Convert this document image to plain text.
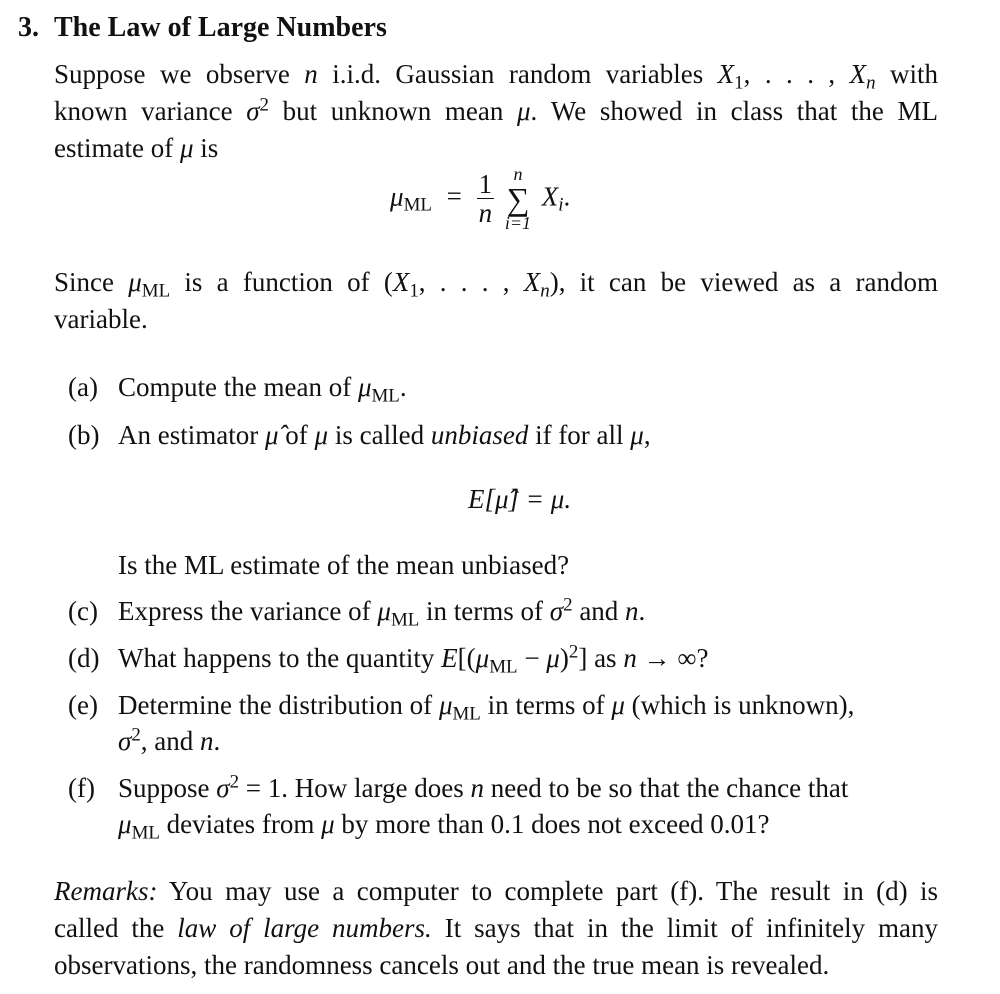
3. The Law of Large Numbers
Suppose we observe n i.i.d. Gaussian random variables $X_1$, . . . , $X_n$ with
known variance $\sigma^2$ but unknown mean μ. We showed in class that the ML
estimate of μ is
$\mu ML = \frac{1}{n}$
	n
∑
i=1
$X_i$.
Since μML is a function of ($X_1$, . . . , $X_n$), it can be viewed as a random
variable.
(a) Compute the mean of μML.
(b) An estimator μ̂ of μ is called unbiased if for all μ,
E[μ̂] = μ.
Is the ML estimate of the mean unbiased?
(c) Express the variance of μML in terms of $\sigma^2$ and n.
(d) What happens to the quantity $E[(\mu ML - \mu)^2]$ as n → ∞?
(e) Determine the distribution of μML in terms of μ (which is unknown),
$\sigma^2$, and n.
(f) Suppose $\sigma^2 = 1$. How large does n need to be so that the chance that
μML deviates from μ by more than 0.1 does not exceed 0.01?
Remarks: You may use a computer to complete part (f). The result in (d) is
called the law of large numbers. It says that in the limit of infinitely many
observations, the randomness cancels out and the true mean is revealed.
